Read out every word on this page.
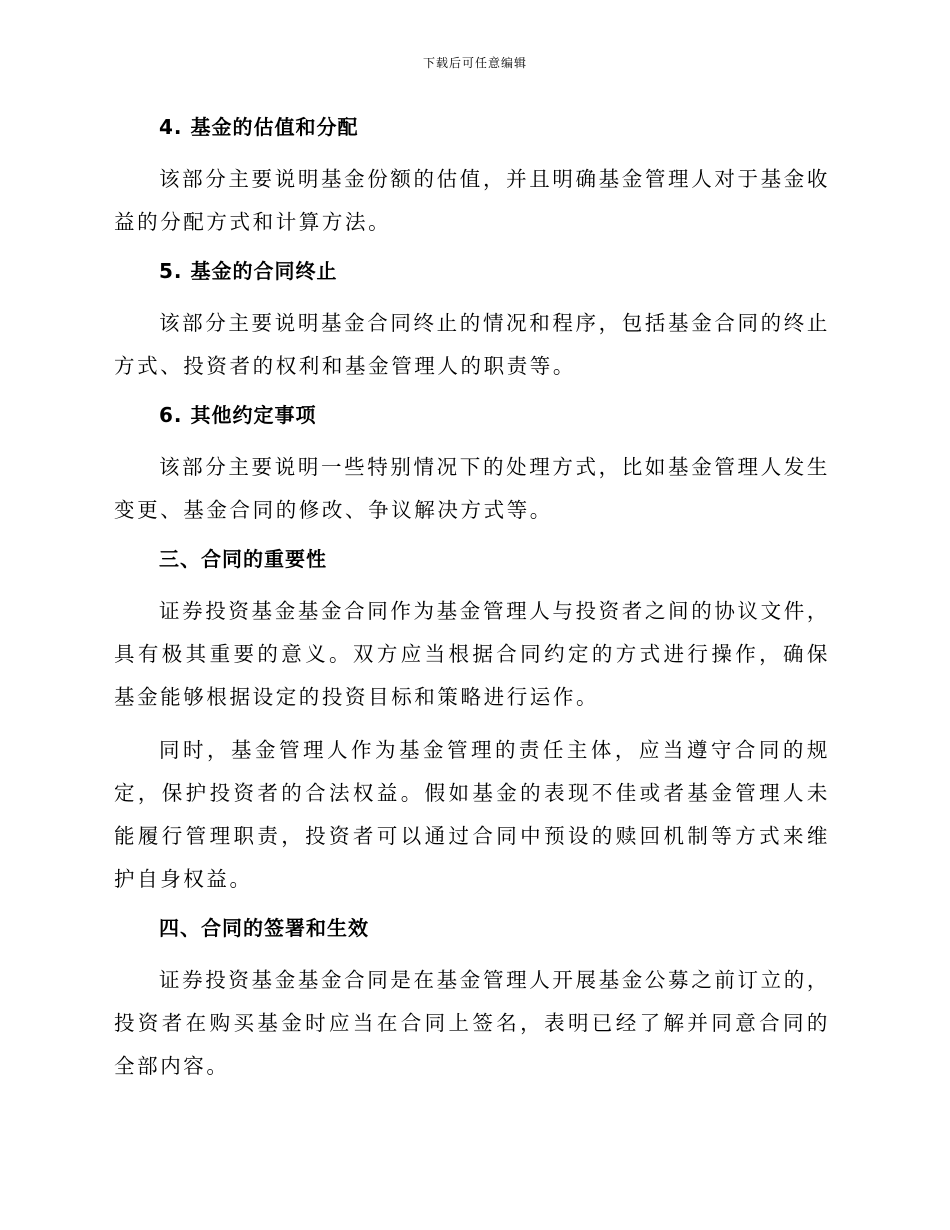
下载后可任意编辑
4. 基金的估值和分配

该部分主要说明基金份额的估值，并且明确基金管理人对于基金收益的分配方式和计算方法。

5. 基金的合同终止

该部分主要说明基金合同终止的情况和程序，包括基金合同的终止方式、投资者的权利和基金管理人的职责等。

6. 其他约定事项

该部分主要说明一些特别情况下的处理方式，比如基金管理人发生变更、基金合同的修改、争议解决方式等。

三、合同的重要性

证券投资基金基金合同作为基金管理人与投资者之间的协议文件，具有极其重要的意义。双方应当根据合同约定的方式进行操作，确保基金能够根据设定的投资目标和策略进行运作。

同时，基金管理人作为基金管理的责任主体，应当遵守合同的规定，保护投资者的合法权益。假如基金的表现不佳或者基金管理人未能履行管理职责，投资者可以通过合同中预设的赎回机制等方式来维护自身权益。

四、合同的签署和生效

证券投资基金基金合同是在基金管理人开展基金公募之前订立的，投资者在购买基金时应当在合同上签名，表明已经了解并同意合同的全部内容。
